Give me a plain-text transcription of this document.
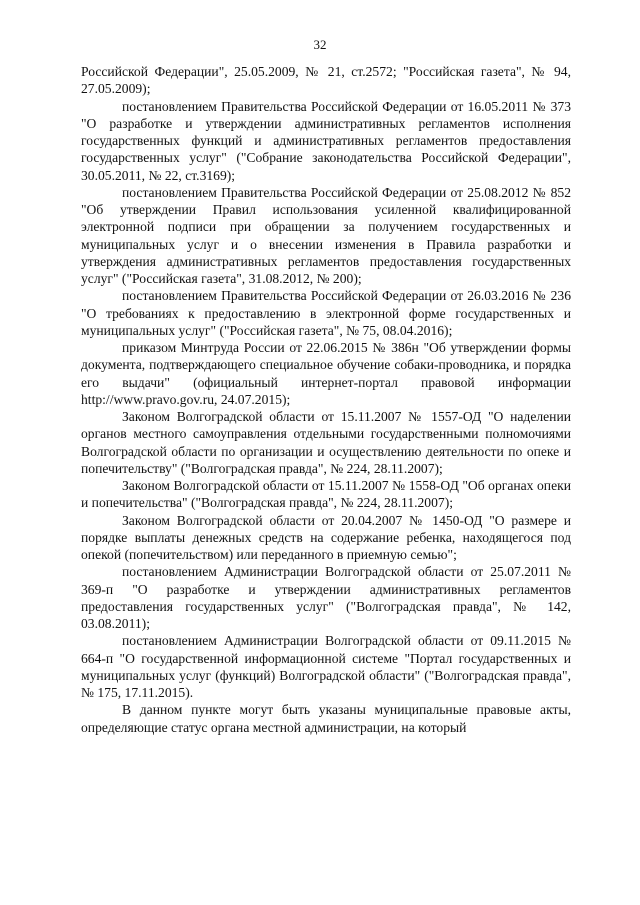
32

Российской Федерации", 25.05.2009, № 21, ст.2572; "Российская газета", № 94, 27.05.2009);

постановлением Правительства Российской Федерации от 16.05.2011 № 373 "О разработке и утверждении административных регламентов исполнения государственных функций и административных регламентов предоставления государственных услуг" ("Собрание законодательства Российской Федерации", 30.05.2011, № 22, ст.3169);

постановлением Правительства Российской Федерации от 25.08.2012 № 852 "Об утверждении Правил использования усиленной квалифицированной электронной подписи при обращении за получением государственных и муниципальных услуг и о внесении изменения в Правила разработки и утверждения административных регламентов предоставления государственных услуг" ("Российская газета", 31.08.2012, № 200);

постановлением Правительства Российской Федерации от 26.03.2016 № 236 "О требованиях к предоставлению в электронной форме государственных и муниципальных услуг" ("Российская газета", № 75, 08.04.2016);

приказом Минтруда России от 22.06.2015 № 386н "Об утверждении формы документа, подтверждающего специальное обучение собаки-проводника, и порядка его выдачи" (официальный интернет-портал правовой информации http://www.pravo.gov.ru, 24.07.2015);

Законом Волгоградской области от 15.11.2007 № 1557-ОД "О наделении органов местного самоуправления отдельными государственными полномочиями Волгоградской области по организации и осуществлению деятельности по опеке и попечительству" ("Волгоградская правда", № 224, 28.11.2007);

Законом Волгоградской области от 15.11.2007 № 1558-ОД "Об органах опеки и попечительства" ("Волгоградская правда", № 224, 28.11.2007);

Законом Волгоградской области от 20.04.2007 № 1450-ОД "О размере и порядке выплаты денежных средств на содержание ребенка, находящегося под опекой (попечительством) или переданного в приемную семью";

постановлением Администрации Волгоградской области от 25.07.2011 № 369-п "О разработке и утверждении административных регламентов предоставления государственных услуг" ("Волгоградская правда", № 142, 03.08.2011);

постановлением Администрации Волгоградской области от 09.11.2015 № 664-п "О государственной информационной системе "Портал государственных и муниципальных услуг (функций) Волгоградской области" ("Волгоградская правда", № 175, 17.11.2015).

В данном пункте могут быть указаны муниципальные правовые акты, определяющие статус органа местной администрации, на который
